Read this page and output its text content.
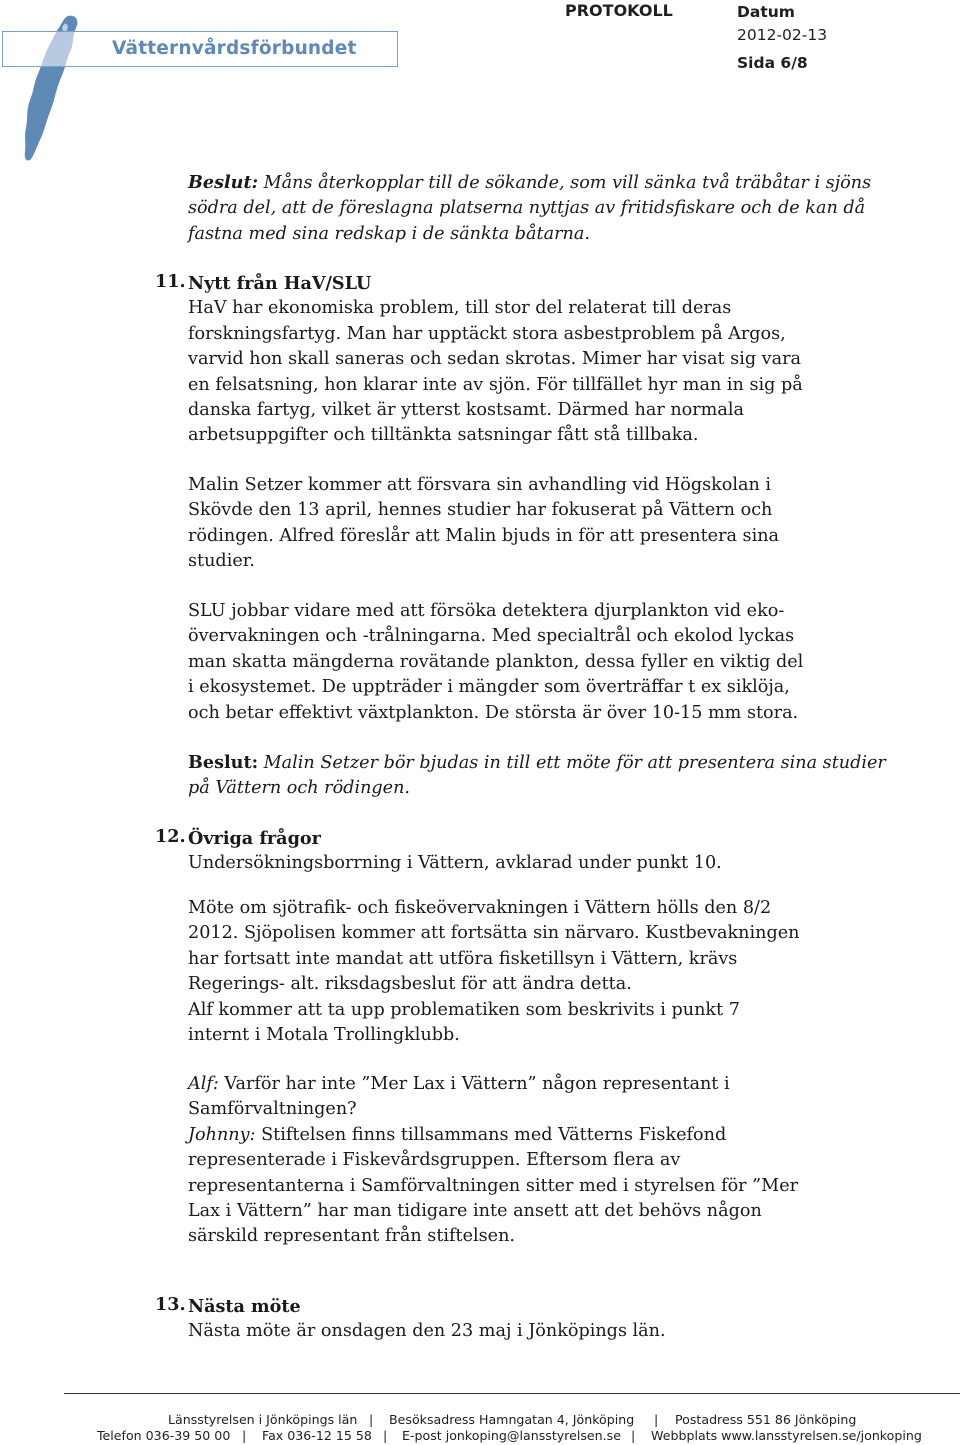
Vätternvårdsförbundet
PROTOKOLL	Datum
2012-02-13
Sida 6/8
Beslut: Måns återkopplar till de sökande, som vill sänka två träbåtar i sjöns
södra del, att de föreslagna platserna nyttjas av fritidsfiskare och de kan då
fastna med sina redskap i de sänkta båtarna.
11. Nytt från HaV/SLU
HaV har ekonomiska problem, till stor del relaterat till deras
forskningsfartyg. Man har upptäckt stora asbestproblem på Argos,
varvid hon skall saneras och sedan skrotas. Mimer har visat sig vara
en felsatsning, hon klarar inte av sjön. För tillfället hyr man in sig på
danska fartyg, vilket är ytterst kostsamt. Därmed har normala
arbetsuppgifter och tilltänkta satsningar fått stå tillbaka.
Malin Setzer kommer att försvara sin avhandling vid Högskolan i
Skövde den 13 april, hennes studier har fokuserat på Vättern och
rödingen. Alfred föreslår att Malin bjuds in för att presentera sina
studier.
SLU jobbar vidare med att försöka detektera djurplankton vid eko-
övervakningen och -trålningarna. Med specialtrål och ekolod lyckas
man skatta mängderna rovätande plankton, dessa fyller en viktig del
i ekosystemet. De uppträder i mängder som överträffar t ex siklöja,
och betar effektivt växtplankton. De största är över 10-15 mm stora.
Beslut: Malin Setzer bör bjudas in till ett möte för att presentera sina studier
på Vättern och rödingen.
12. Övriga frågor
Undersökningsborrning i Vättern, avklarad under punkt 10.
Möte om sjötrafik- och fiskeövervakningen i Vättern hölls den 8/2
2012. Sjöpolisen kommer att fortsätta sin närvaro. Kustbevakningen
har fortsatt inte mandat att utföra fisketillsyn i Vättern, krävs
Regerings- alt. riksdagsbeslut för att ändra detta.
Alf kommer att ta upp problematiken som beskrivits i punkt 7
internt i Motala Trollingklubb.
Alf: Varför har inte ”Mer Lax i Vättern” någon representant i
Samförvaltningen?
Johnny: Stiftelsen finns tillsammans med Vätterns Fiskefond
representerade i Fiskevårdsgruppen. Eftersom flera av
representanterna i Samförvaltningen sitter med i styrelsen för ”Mer
Lax i Vättern” har man tidigare inte ansett att det behövs någon
särskild representant från stiftelsen.
13. Nästa möte
Nästa möte är onsdagen den 23 maj i Jönköpings län.
Länsstyrelsen i Jönköpings län | Besöksadress Hamngatan 4, Jönköping | Postadress 551 86 Jönköping
Telefon 036-39 50 00 | Fax 036-12 15 58 | E-post jonkoping@lansstyrelsen.se | Webbplats www.lansstyrelsen.se/jonkoping
